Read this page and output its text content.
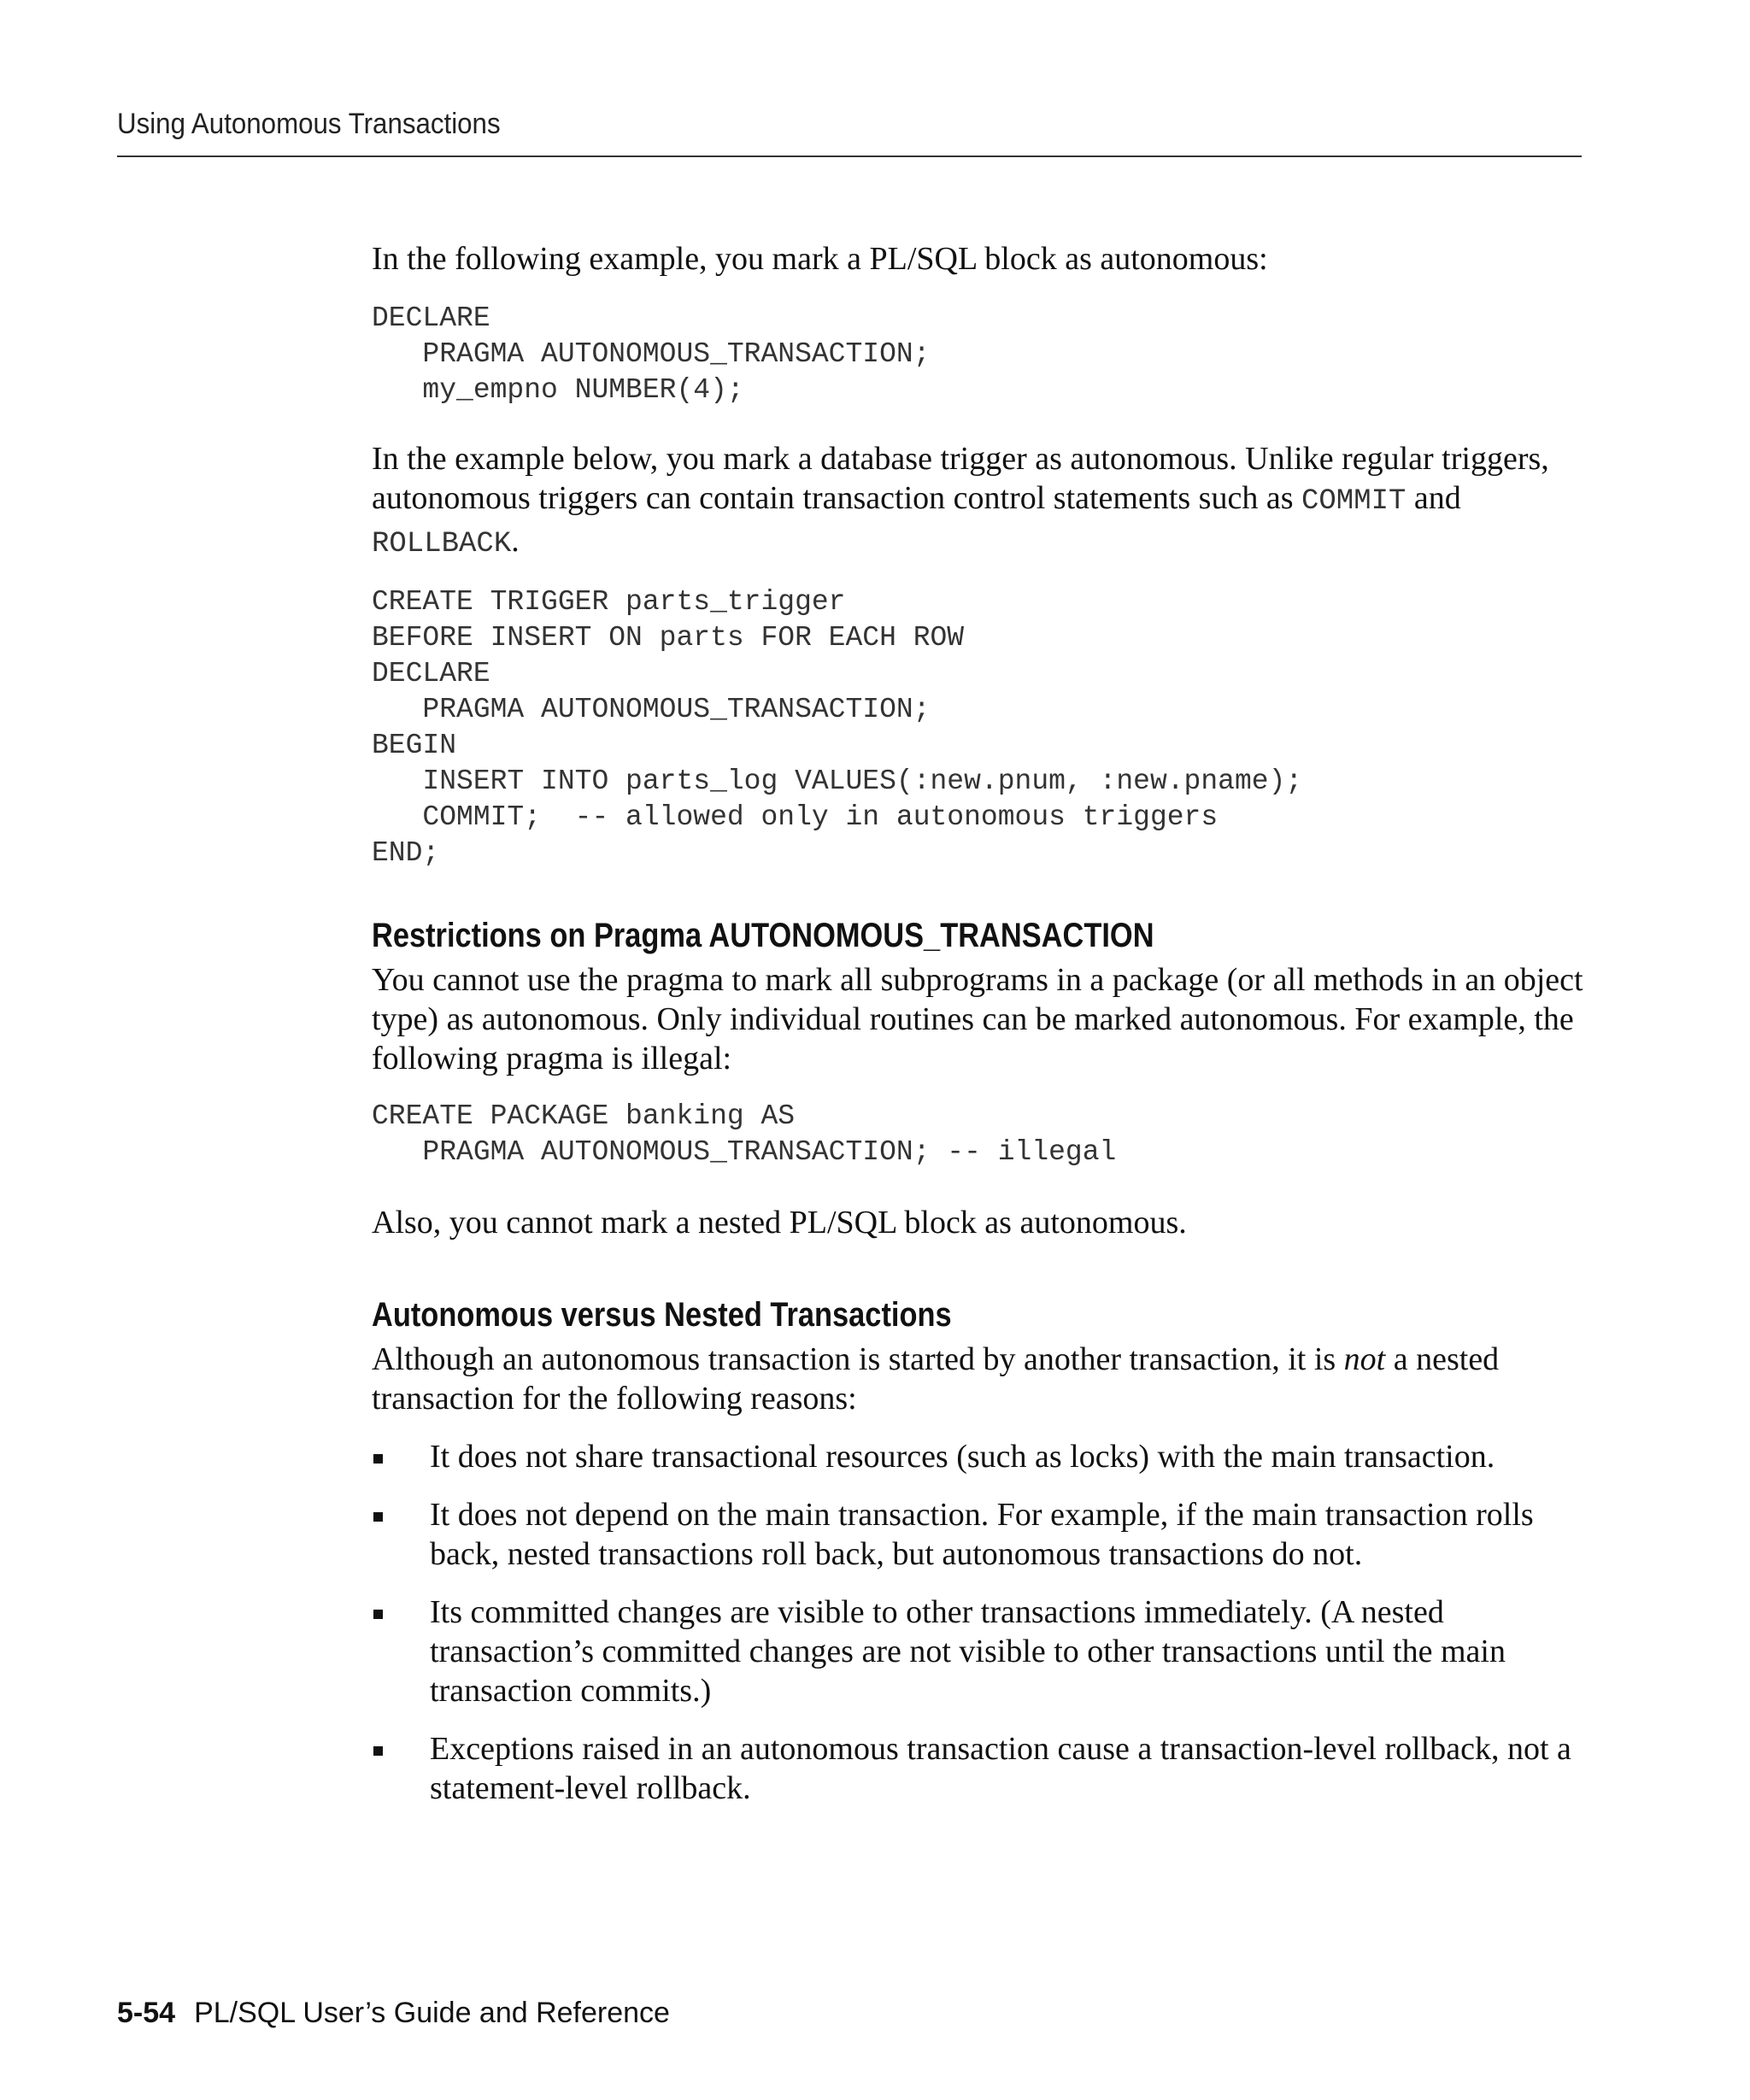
Using Autonomous Transactions

In the following example, you mark a PL/SQL block as autonomous:

DECLARE
PRAGMA AUTONOMOUS_TRANSACTION;
my_empno NUMBER(4);

In the example below, you mark a database trigger as autonomous. Unlike regular triggers, autonomous triggers can contain transaction control statements such as COMMIT and ROLLBACK.

CREATE TRIGGER parts_trigger
BEFORE INSERT ON parts FOR EACH ROW
DECLARE
PRAGMA AUTONOMOUS_TRANSACTION;
BEGIN
INSERT INTO parts_log VALUES(:new.pnum, :new.pname);
COMMIT;  -- allowed only in autonomous triggers
END;
Restrictions on Pragma AUTONOMOUS_TRANSACTION

You cannot use the pragma to mark all subprograms in a package (or all methods in an object type) as autonomous. Only individual routines can be marked autonomous. For example, the following pragma is illegal:

CREATE PACKAGE banking AS
PRAGMA AUTONOMOUS_TRANSACTION; -- illegal

Also, you cannot mark a nested PL/SQL block as autonomous.

Autonomous versus Nested Transactions

Although an autonomous transaction is started by another transaction, it is not a nested transaction for the following reasons:

It does not share transactional resources (such as locks) with the main transaction.
It does not depend on the main transaction. For example, if the main transaction rolls back, nested transactions roll back, but autonomous transactions do not.
Its committed changes are visible to other transactions immediately. (A nested transaction’s committed changes are not visible to other transactions until the main transaction commits.)
Exceptions raised in an autonomous transaction cause a transaction-level rollback, not a statement-level rollback.
5-54 PL/SQL User’s Guide and Reference
